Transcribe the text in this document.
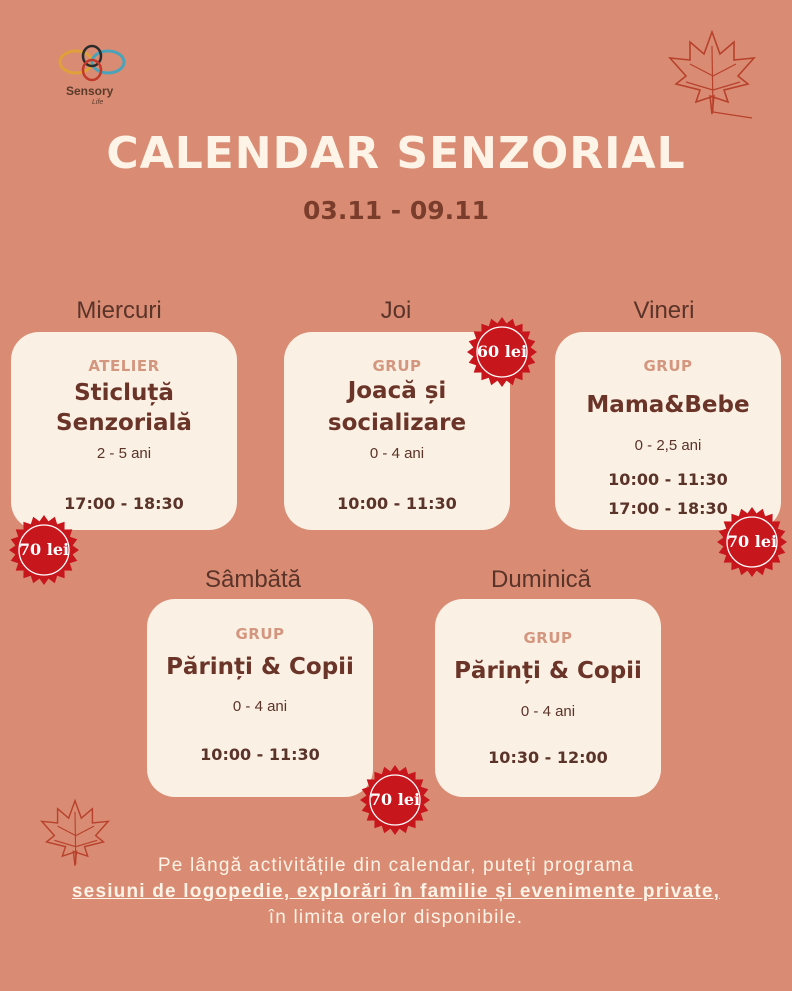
Sensory
Life
CALENDAR SENZORIAL
03.11 - 09.11
Miercuri
ATELIER
Sticluță
Senzorială
2 - 5 ani
17:00 - 18:30
70 lei
Joi
GRUP
Joacă și
socializare
0 - 4 ani
10:00 - 11:30
60 lei
Vineri
GRUP
Mama&Bebe
0 - 2,5 ani
10:00 - 11:30
17:00 - 18:30
70 lei
Sâmbătă
GRUP
Părinți & Copii
0 - 4 ani
10:00 - 11:30
70 lei
Duminică
GRUP
Părinți & Copii
0 - 4 ani
10:30 - 12:00
Pe lângă activitățile din calendar, puteți programa
sesiuni de logopedie, explorări în familie și evenimente private,
în limita orelor disponibile.
